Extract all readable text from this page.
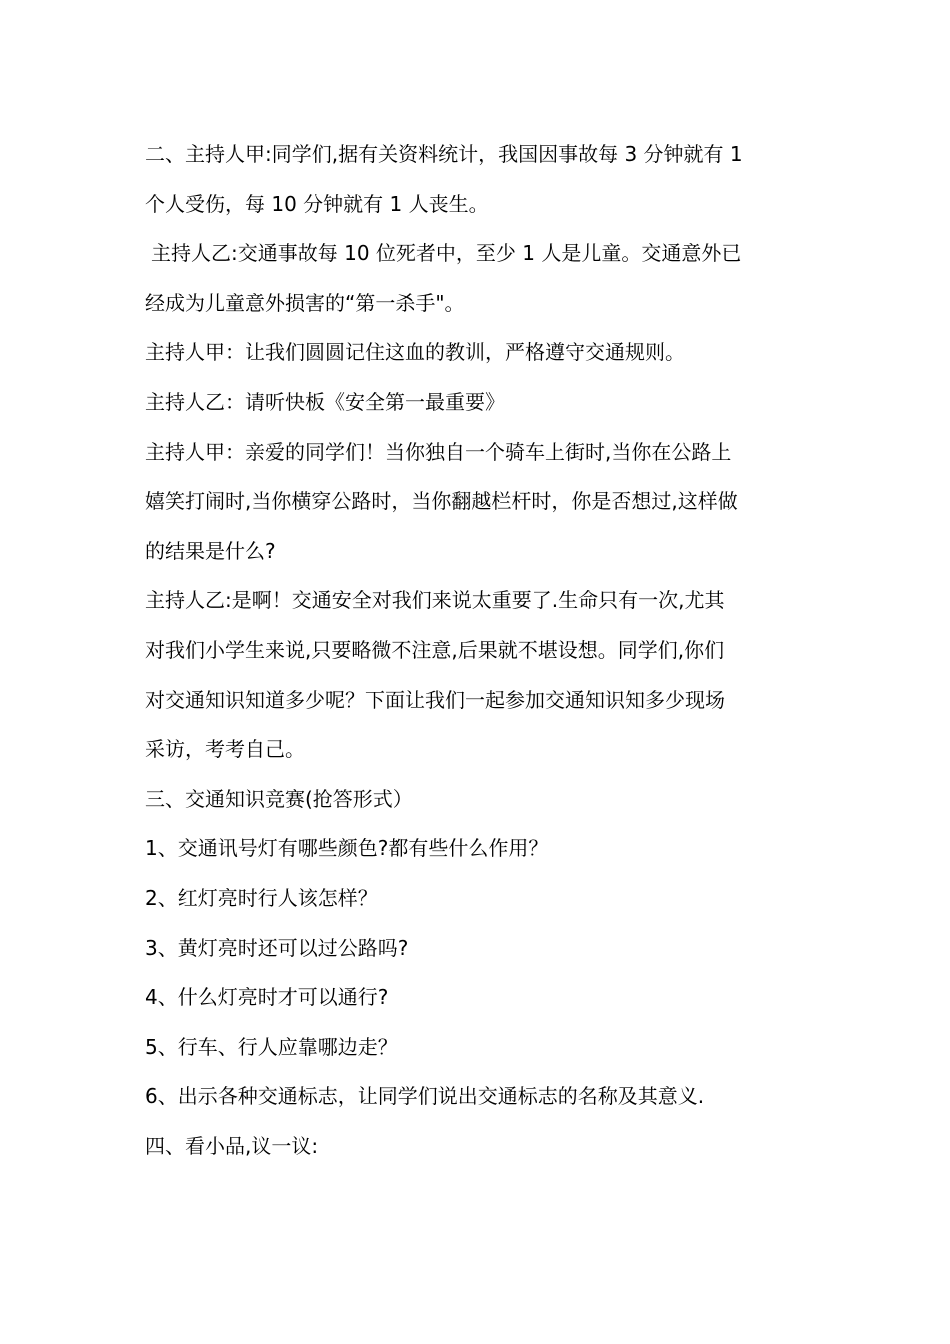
二、主持人甲:同学们,据有关资料统计，我国因事故每 3 分钟就有 1
个人受伤，每 10 分钟就有 1 人丧生。
主持人乙:交通事故每 10 位死者中，至少 1 人是儿童。交通意外已
经成为儿童意外损害的“第一杀手"。
主持人甲：让我们圆圆记住这血的教训，严格遵守交通规则。
主持人乙：请听快板《安全第一最重要》
主持人甲：亲爱的同学们！当你独自一个骑车上街时,当你在公路上
嬉笑打闹时,当你横穿公路时，当你翻越栏杆时，你是否想过,这样做
的结果是什么?
主持人乙:是啊！交通安全对我们来说太重要了.生命只有一次,尤其
对我们小学生来说,只要略微不注意,后果就不堪设想。同学们,你们
对交通知识知道多少呢？下面让我们一起参加交通知识知多少现场
采访，考考自己。
三、交通知识竞赛(抢答形式）
1、交通讯号灯有哪些颜色?都有些什么作用？
2、红灯亮时行人该怎样？
3、黄灯亮时还可以过公路吗?
4、什么灯亮时才可以通行?
5、行车、行人应靠哪边走？
6、出示各种交通标志，让同学们说出交通标志的名称及其意义.
四、看小品,议一议:
